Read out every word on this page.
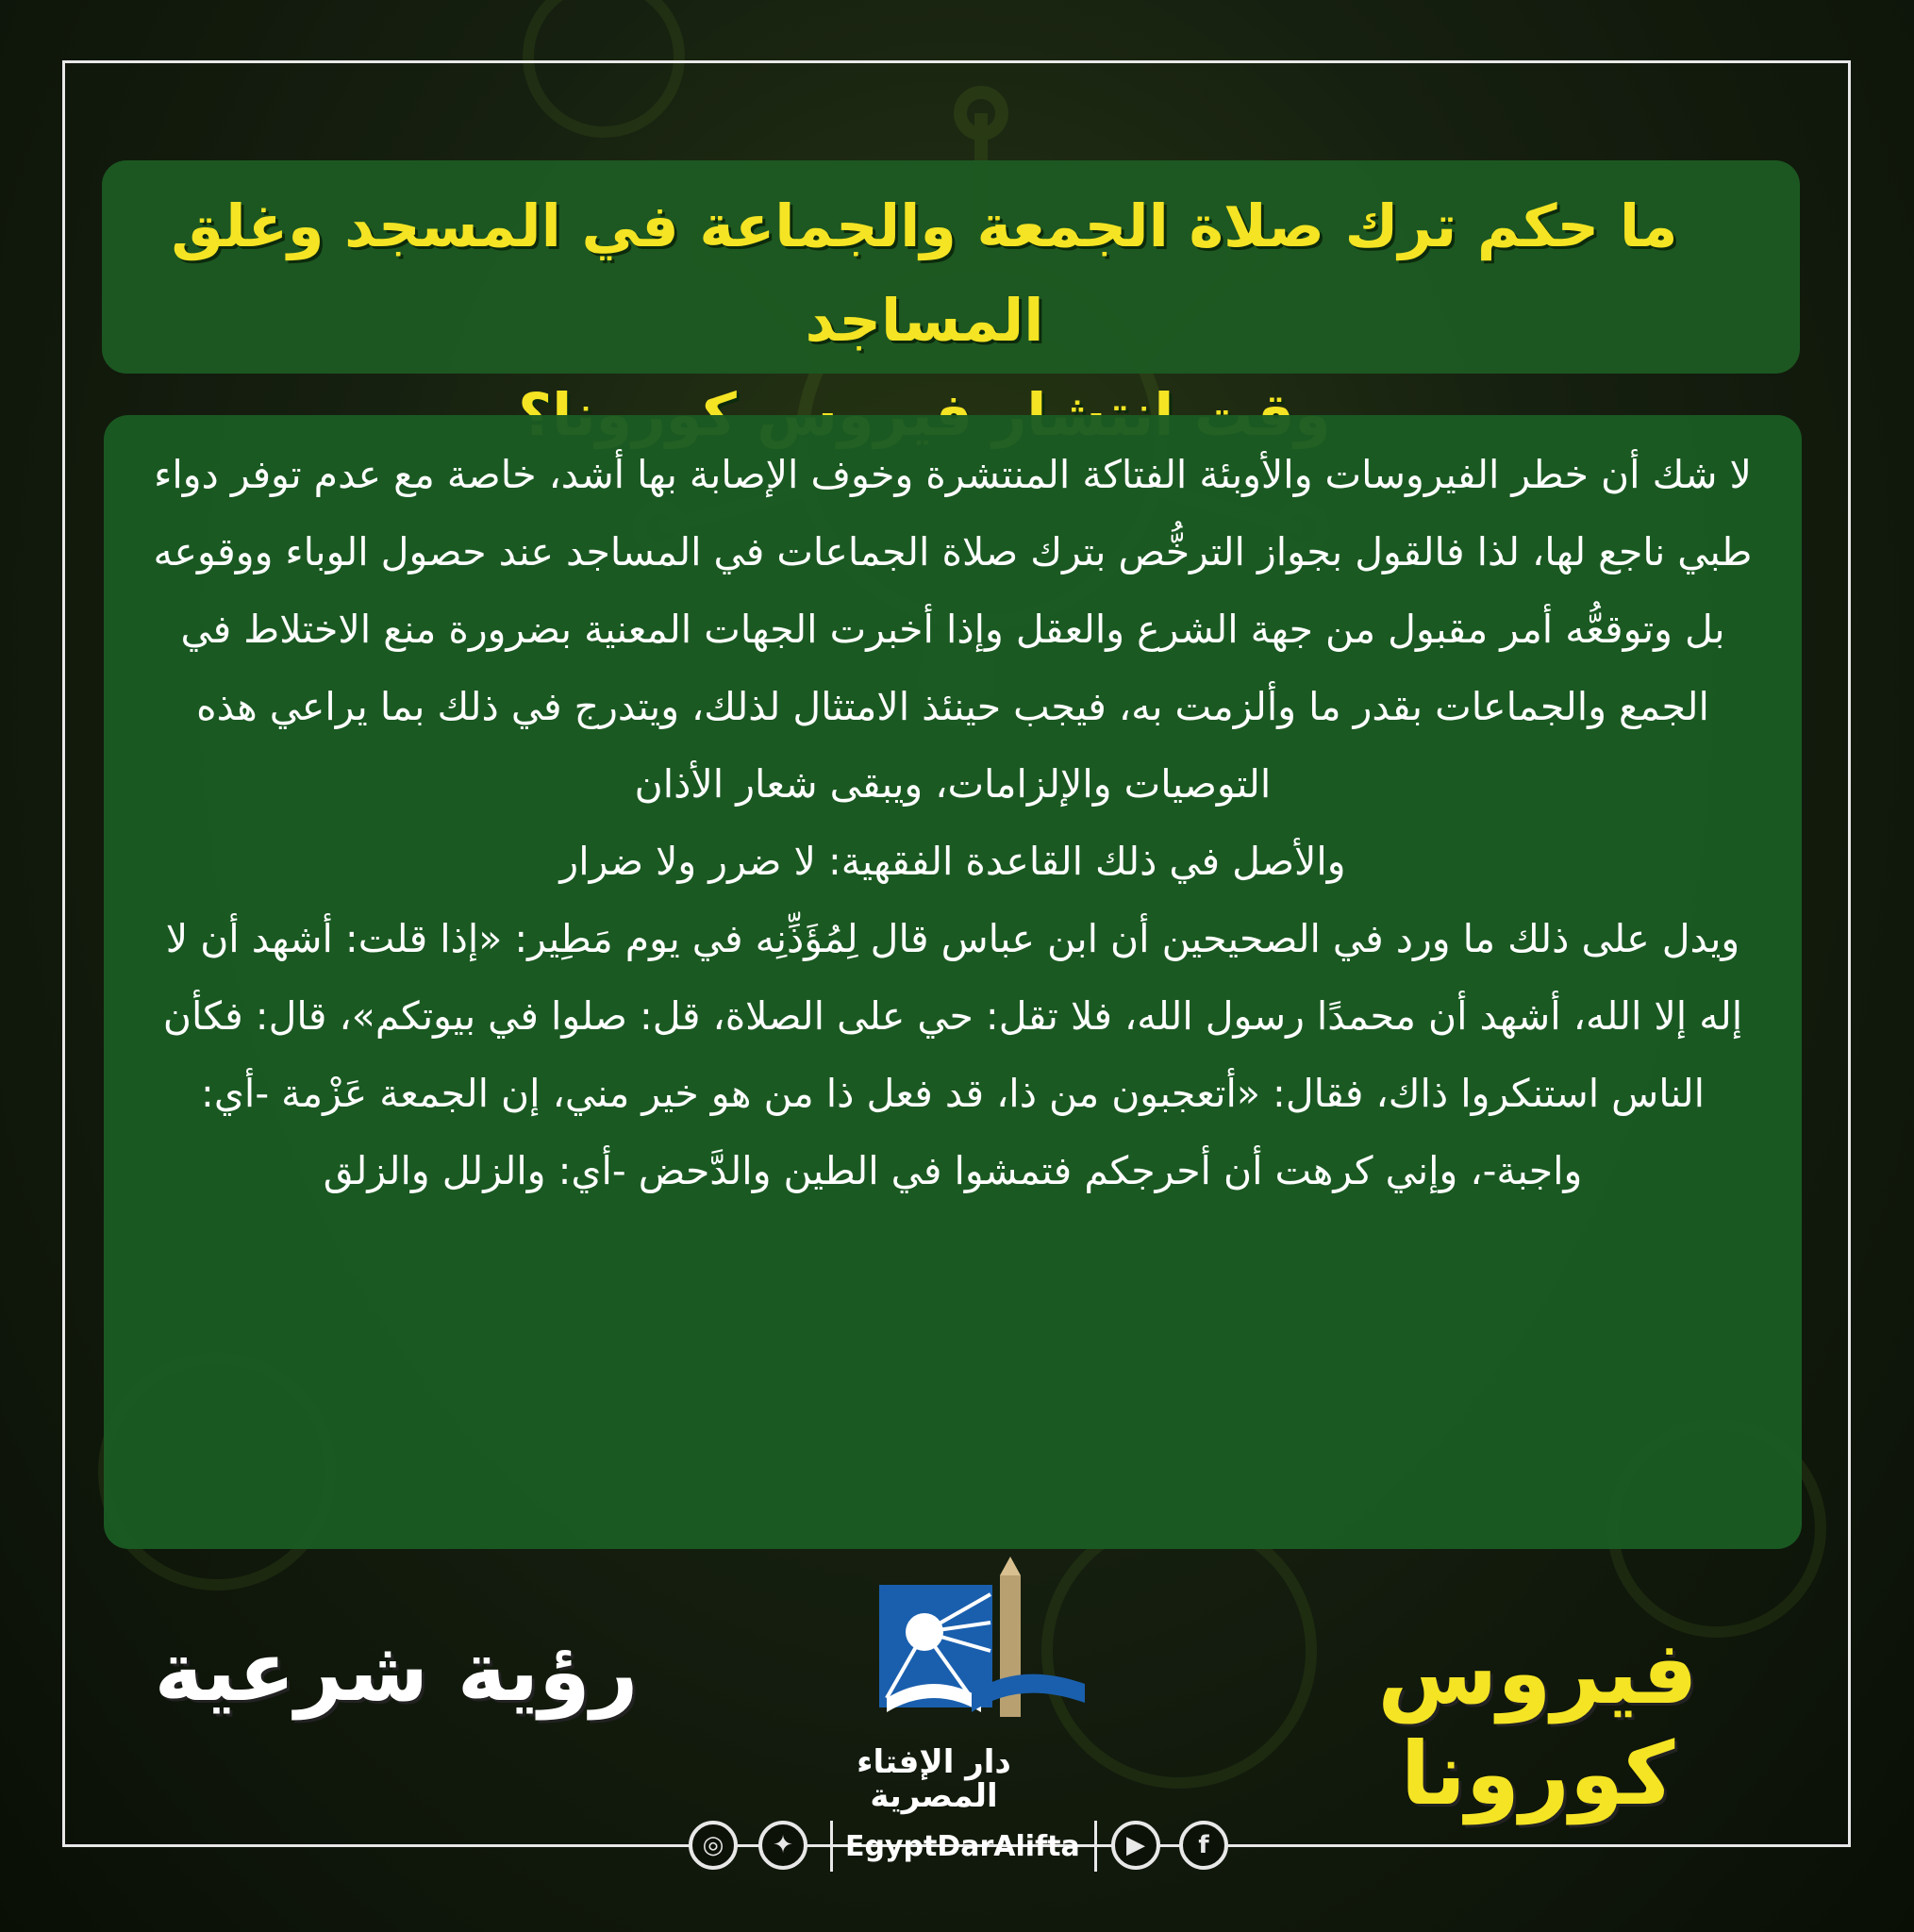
ما حكم ترك صلاة الجمعة والجماعة في المسجد وغلق المساجد

لا شك أن خطر الفيروسات والأوبئة الفتاكة المنتشرة وخوف الإصابة بها أشد، خاصة مع عدم توفر دواء طبي ناجع لها، لذا فالقول بجواز الترخُّص بترك صلاة الجماعات في المساجد عند حصول الوباء ووقوعه بل وتوقعُّه أمر مقبول من جهة الشرع والعقل وإذا أخبرت الجهات المعنية بضرورة منع الاختلاط في الجمع والجماعات بقدر ما وألزمت به، فيجب حينئذ الامتثال لذلك، ويتدرج في ذلك بما يراعي هذه التوصيات والإلزامات، ويبقى شعار الأذان

والأصل في ذلك القاعدة الفقهية: لا ضرر ولا ضرار

ويدل على ذلك ما ورد في الصحيحين أن ابن عباس قال لِمُؤَذِّنِه في يوم مَطِير: «إذا قلت: أشهد أن لا إله إلا الله، أشهد أن محمدًا رسول الله، فلا تقل: حي على الصلاة، قل: صلوا في بيوتكم»، قال: فكأن الناس استنكروا ذاك، فقال: «أتعجبون من ذا، قد فعل ذا من هو خير مني، إن الجمعة عَزْمة -أي: واجبة-، وإني كرهت أن أحرجكم فتمشوا في الطين والدَّحض -أي: والزلل والزلق

رؤية شرعية	فيروس كورونا
دار الإفتاء المصرية
◎	✦	EgyptDarAlifta	▶	f
